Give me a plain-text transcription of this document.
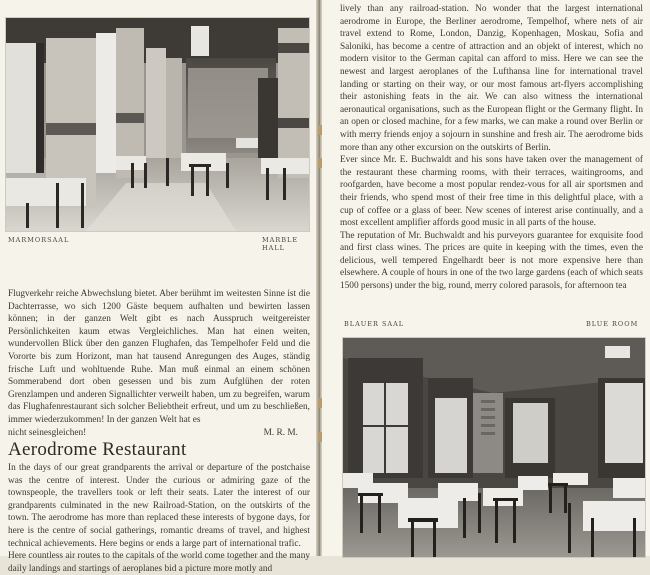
MARMORSAAL	MARBLE HALL

Flugverkehr reiche Abwechslung bietet. Aber berühmt im weitesten Sinne ist die Dachterrasse, wo sich 1200 Gäste bequem aufhalten und bewirten lassen können; in der ganzen Welt gibt es nach Ausspruch weitgereister Persönlichkeiten kaum etwas Vergleichliches. Man hat einen weiten, wundervollen Blick über den ganzen Flughafen, das Tempelhofer Feld und die Vororte bis zum Horizont, man hat tausend Anregungen des Auges, ständig frische Luft und wohltuende Ruhe. Man muß einmal an einem schönen Sommerabend dort oben gesessen und bis zum Aufglühen der roten Grenzlampen und anderen Signallichter verweilt haben, um zu begreifen, warum das Flughafenrestaurant sich solcher Beliebtheit erfreut, und um zu beschließen, immer wiederzukommen! In der ganzen Welt hat es

nicht seinesgleichen!	M. R. M.
Aerodrome Restaurant

In the days of our great grandparents the arrival or departure of the postchaise was the centre of interest. Under the curious or admiring gaze of the townspeople, the travellers took or left their seats. Later the interest of our grandparents culminated in the new Railroad-Station, on the outskirts of the town. The aerodrome has more than replaced these interests of bygone days, for here is the centre of social gatherings, romantic dreams of travel, and highest technical achievements. Here begins or ends a large part of international trafic.

Here countless air routes to the capitals of the world come together and the many daily landings and startings of aeroplanes bid a picture more motly and

lively than any railroad-station. No wonder that the largest international aerodrome in Europe, the Berliner aerodrome, Tempelhof, where nets of air travel extend to Rome, London, Danzig, Kopenhagen, Moskau, Sofia and Saloniki, has become a centre of attraction and an objekt of interest, which no modern visitor to the German capital can afford to miss. Here we can see the newest and largest aeroplanes of the Lufthansa line for international travel landing or starting on their way, or our most famous art-flyers accomplishing their astonishing feats in the air. We can also witness the international aeronautical organisations, such as the European flight or the Germany flight. In an open or closed machine, for a few marks, we can make a round over Berlin or with merry friends enjoy a sojourn in sunshine and fresh air. The aerodrome bids more than any other excursion on the outskirts of Berlin.

Ever since Mr. E. Buchwaldt and his sons have taken over the management of the restaurant these charming rooms, with their terraces, waitingrooms, and roofgarden, have become a most popular rendez-vous for all air sportsmen and their friends, who spend most of their free time in this delightful place, with a cup of coffee or a glass of beer. New scenes of interest arise continually, and a most excellent amplifier affords good music in all parts of the house.

The reputation of Mr. Buchwaldt and his purveyors guarantee for exquisite food and first class wines. The prices are quite in keeping with the times, even the delicious, well tempered Engelhardt beer is not more expensive here than elsewhere. A couple of hours in one of the two large gardens (each of which seats 1500 persons) under the big, round, merry colored parasols, for afternoon tea

BLAUER SAAL	BLUE ROOM
